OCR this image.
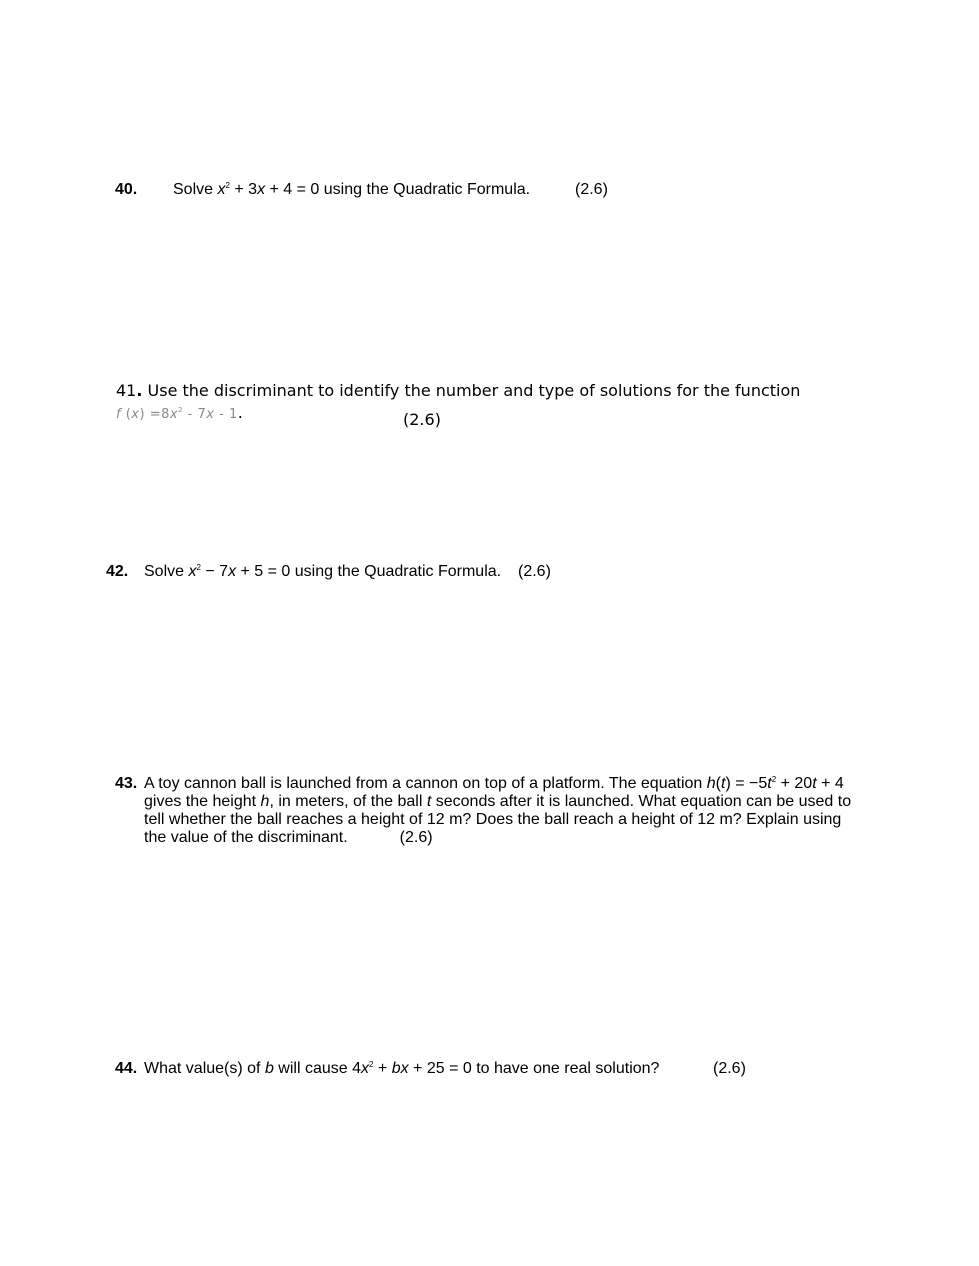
40. Solve $x^2 + 3x + 4 = 0$ using the Quadratic Formula.	(2.6)
41. Use the discriminant to identify the number and type of solutions for the function
f $(x) =8x^2 - 7x - 1$.	(2.6)
42. Solve $x^2 - 7x + 5 = 0$ using the Quadratic Formula. (2.6)
43. A toy cannon ball is launched from a cannon on top of a platform. The equation $h(t) = -5t^2 + 20t + 4$
gives the height h, in meters, of the ball t seconds after it is launched. What equation can be used to
tell whether the ball reaches a height of 12 m? Does the ball reach a height of 12 m? Explain using
the value of the discriminant.	(2.6)
44. What value(s) of b will cause $4x^2$ + bx + 25 = 0 to have one real solution?	(2.6)
